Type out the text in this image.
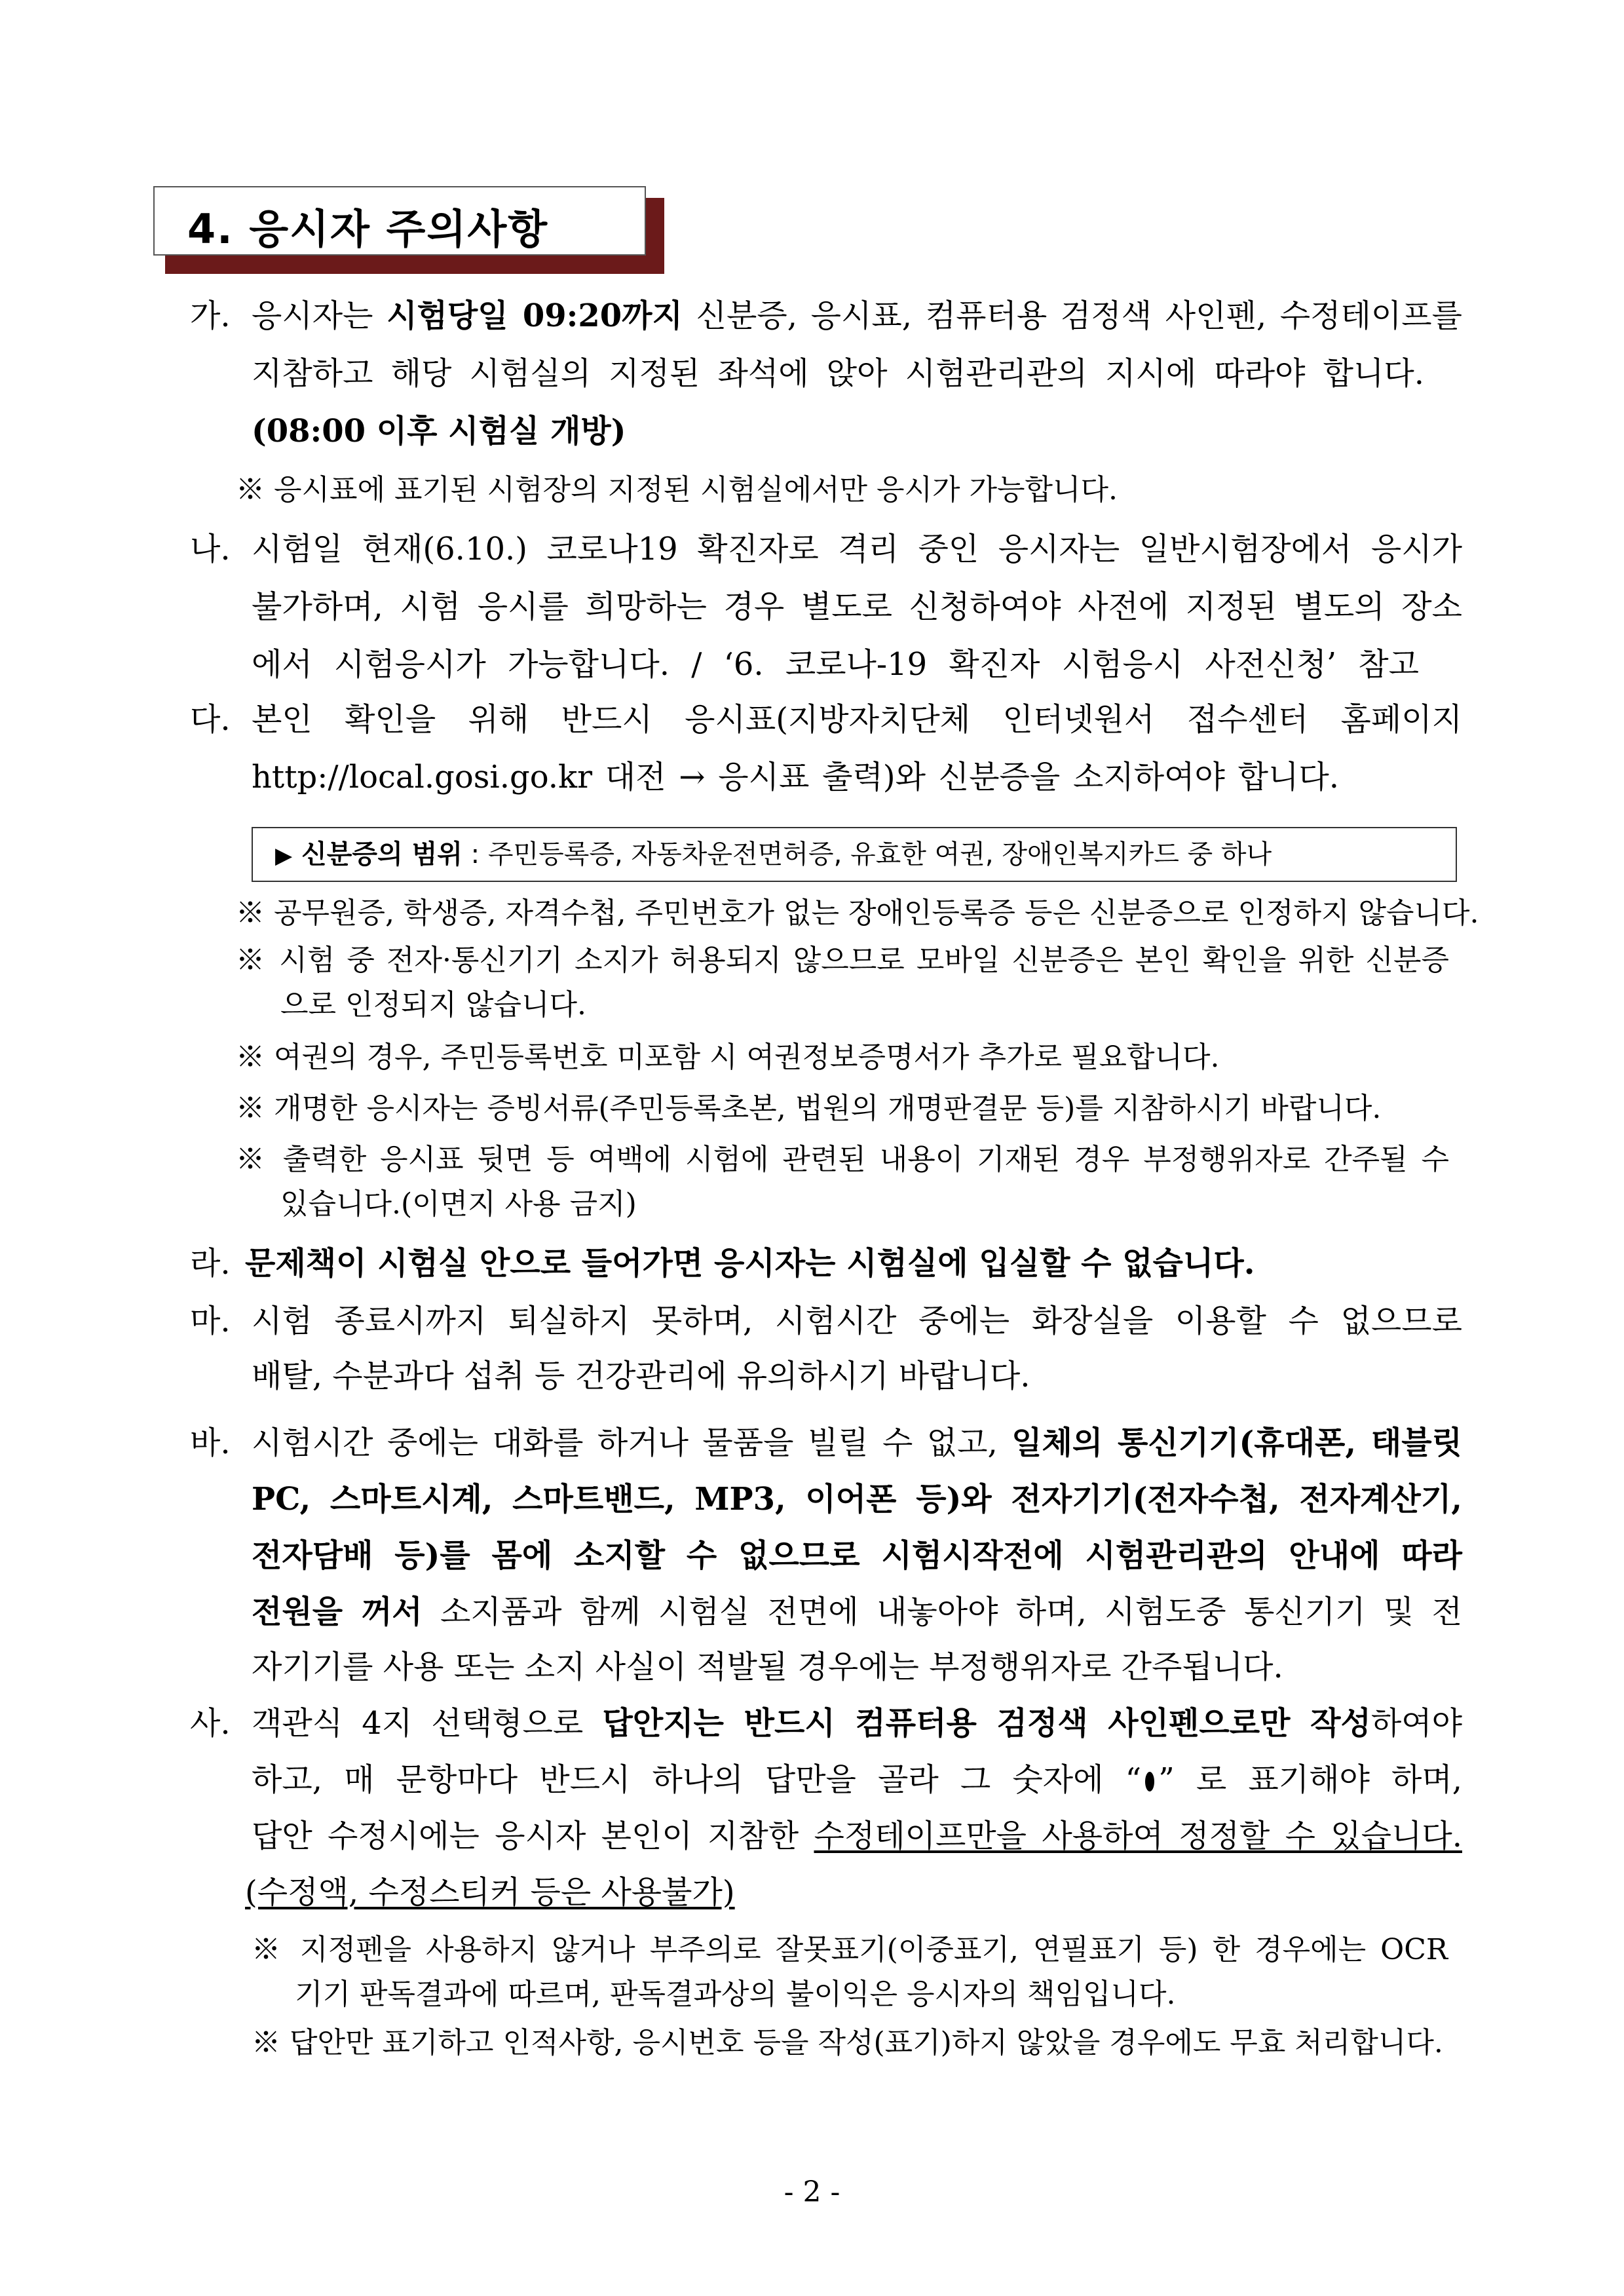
4. 응시자 주의사항
가. 응시자는 시험당일 09:20까지 신분증, 응시표, 컴퓨터용 검정색 사인펜, 수정테이프를
지참하고 해당 시험실의 지정된 좌석에 앉아 시험관리관의 지시에 따라야 합니다.
(08:00 이후 시험실 개방)
※ 응시표에 표기된 시험장의 지정된 시험실에서만 응시가 가능합니다.
나. 시험일 현재(6.10.) 코로나19 확진자로 격리 중인 응시자는 일반시험장에서 응시가
불가하며, 시험 응시를 희망하는 경우 별도로 신청하여야 사전에 지정된 별도의 장소
에서 시험응시가 가능합니다. / ‘6. 코로나-19 확진자 시험응시 사전신청’ 참고
다. 본인 확인을 위해 반드시 응시표(지방자치단체 인터넷원서 접수센터 홈페이지
http://local.gosi.go.kr 대전 → 응시표 출력)와 신분증을 소지하여야 합니다.
▶ 신분증의 범위 : 주민등록증, 자동차운전면허증, 유효한 여권, 장애인복지카드 중 하나
※ 공무원증, 학생증, 자격수첩, 주민번호가 없는 장애인등록증 등은 신분증으로 인정하지 않습니다.
※ 시험 중 전자·통신기기 소지가 허용되지 않으므로 모바일 신분증은 본인 확인을 위한 신분증
으로 인정되지 않습니다.
※ 여권의 경우, 주민등록번호 미포함 시 여권정보증명서가 추가로 필요합니다.
※ 개명한 응시자는 증빙서류(주민등록초본, 법원의 개명판결문 등)를 지참하시기 바랍니다.
※ 출력한 응시표 뒷면 등 여백에 시험에 관련된 내용이 기재된 경우 부정행위자로 간주될 수
있습니다.(이면지 사용 금지)
라. 문제책이 시험실 안으로 들어가면 응시자는 시험실에 입실할 수 없습니다.
마. 시험 종료시까지 퇴실하지 못하며, 시험시간 중에는 화장실을 이용할 수 없으므로
배탈, 수분과다 섭취 등 건강관리에 유의하시기 바랍니다.
바. 시험시간 중에는 대화를 하거나 물품을 빌릴 수 없고, 일체의 통신기기(휴대폰, 태블릿
PC, 스마트시계, 스마트밴드, MP3, 이어폰 등)와 전자기기(전자수첩, 전자계산기,
전자담배 등)를 몸에 소지할 수 없으므로 시험시작전에 시험관리관의 안내에 따라
전원을 꺼서 소지품과 함께 시험실 전면에 내놓아야 하며, 시험도중 통신기기 및 전
자기기를 사용 또는 소지 사실이 적발될 경우에는 부정행위자로 간주됩니다.
사. 객관식 4지 선택형으로 답안지는 반드시 컴퓨터용 검정색 사인펜으로만 작성하여야
하고, 매 문항마다 반드시 하나의 답만을 골라 그 숫자에 “ ” 로 표기해야 하며,
답안 수정시에는 응시자 본인이 지참한 수정테이프만을 사용하여 정정할 수 있습니다.
(수정액, 수정스티커 등은 사용불가)
※ 지정펜을 사용하지 않거나 부주의로 잘못표기(이중표기, 연필표기 등) 한 경우에는 OCR
기기 판독결과에 따르며, 판독결과상의 불이익은 응시자의 책임입니다.
※ 답안만 표기하고 인적사항, 응시번호 등을 작성(표기)하지 않았을 경우에도 무효 처리합니다.
- 2 -
